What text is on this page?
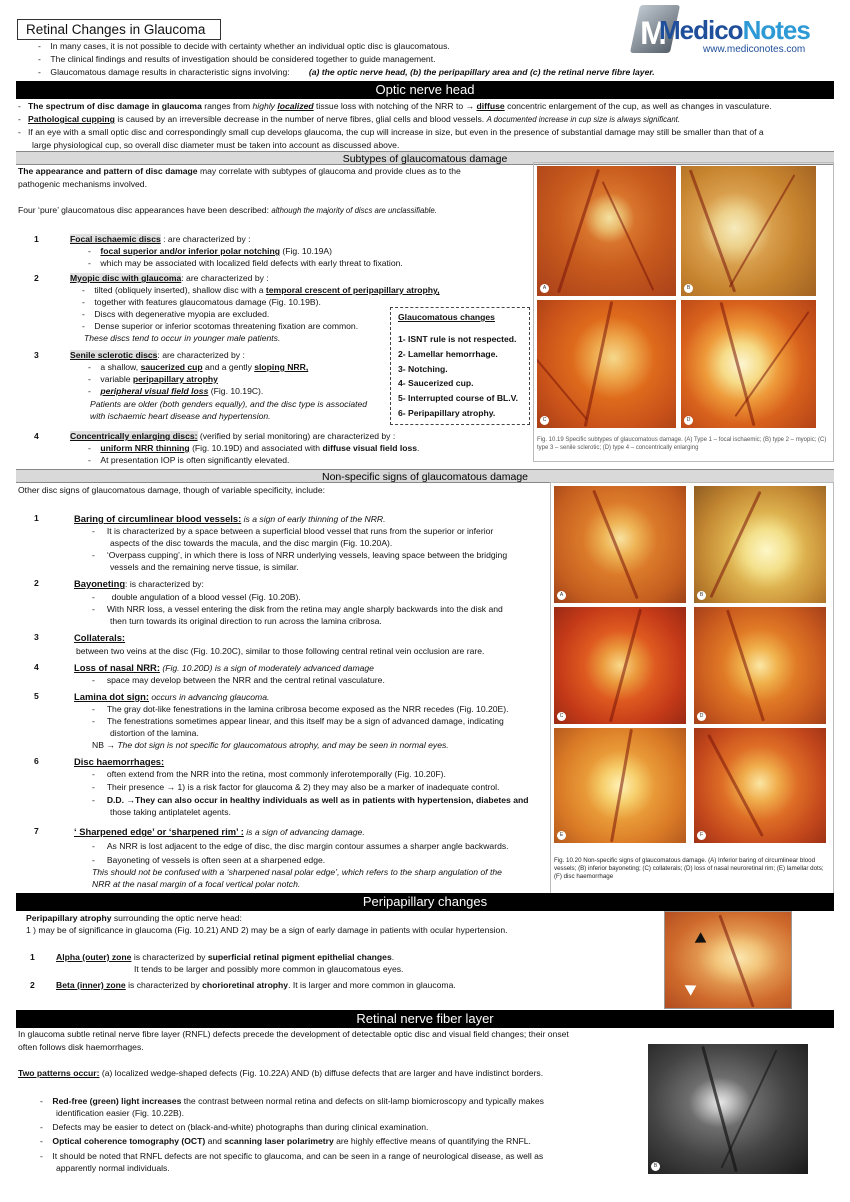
Retinal Changes in Glaucoma	M
MedicoNotes
www.mediconotes.com
-    In many cases, it is not possible to decide with certainty whether an individual optic disc is glaucomatous.
-    The clinical findings and results of investigation should be considered together to guide management.
-    Glaucomatous damage results in characteristic signs involving: (a) the optic nerve head, (b) the peripapillary area and (c) the retinal nerve fibre layer.
Optic nerve head
-   The spectrum of disc damage in glaucoma ranges from highly localized tissue loss with notching of the NRR to → diffuse concentric enlargement of the cup, as well as changes in vasculature.
-   Pathological cupping is caused by an irreversible decrease in the number of nerve fibres, glial cells and blood vessels. A documented increase in cup size is always significant.
-   If an eye with a small optic disc and correspondingly small cup develops glaucoma, the cup will increase in size, but even in the presence of substantial damage may still be smaller than that of a
large physiological cup, so overall disc diameter must be taken into account as discussed above.
Subtypes of glaucomatous damage
The appearance and pattern of disc damage may correlate with subtypes of glaucoma and provide clues as to the
pathogenic mechanisms involved.
Four ‘pure’ glaucomatous disc appearances have been described: although the majority of discs are unclassifiable.
1	Focal ischaemic discs : are characterized by :
-    focal superior and/or inferior polar notching (Fig. 10.19A)
-    which may be associated with localized field defects with early threat to fixation.
2	Myopic disc with glaucoma: are characterized by :
-    tilted (obliquely inserted), shallow disc with a temporal crescent of peripapillary atrophy,
-    together with features glaucomatous damage (Fig. 10.19B).
-    Discs with degenerative myopia are excluded.
-    Dense superior or inferior scotomas threatening fixation are common.
These discs tend to occur in younger male patients.
3	Senile sclerotic discs: are characterized by :
-    a shallow, saucerized cup and a gently sloping NRR,
-    variable peripapillary atrophy
-    peripheral visual field loss (Fig. 10.19C).
Patients are older (both genders equally), and the disc type is associated
with ischaemic heart disease and hypertension.
4	Concentrically enlarging discs: (verified by serial monitoring) are characterized by :
-    uniform NRR thinning (Fig. 10.19D) and associated with diffuse visual field loss.
-    At presentation IOP is often significantly elevated.
Glaucomatous changes
1- ISNT rule is not respected.
2- Lamellar hemorrhage.
3- Notching.
4- Saucerized cup.
5- Interrupted course of BL.V.
6- Peripapillary atrophy.
A	B
C	D
Fig. 10.19 Specific subtypes of glaucomatous damage. (A) Type 1 – focal ischaemic; (B) type 2 – myopic; (C) type 3 – senile sclerotic; (D) type 4 – concentrically enlarging
Non-specific signs of glaucomatous damage
Other disc signs of glaucomatous damage, though of variable specificity, include:
1	Baring of circumlinear blood vessels: is a sign of early thinning of the NRR.
-     It is characterized by a space between a superficial blood vessel that runs from the superior or inferior
aspects of the disc towards the macula, and the disc margin (Fig. 10.20A).
-     ‘Overpass cupping’, in which there is loss of NRR underlying vessels, leaving space between the bridging
vessels and the remaining nerve tissue, is similar.
2	Bayoneting: is characterized by:
-       double angulation of a blood vessel (Fig. 10.20B).
-     With NRR loss, a vessel entering the disk from the retina may angle sharply backwards into the disk and
then turn towards its original direction to run across the lamina cribrosa.
3	Collaterals:
between two veins at the disc (Fig. 10.20C), similar to those following central retinal vein occlusion are rare.
4	Loss of nasal NRR: (Fig. 10.20D) is a sign of moderately advanced damage
-     space may develop between the NRR and the central retinal vasculature.
5	Lamina dot sign: occurs in advancing glaucoma.
-     The gray dot-like fenestrations in the lamina cribrosa become exposed as the NRR recedes (Fig. 10.20E).
-     The fenestrations sometimes appear linear, and this itself may be a sign of advanced damage, indicating
distortion of the lamina.
NB → The dot sign is not specific for glaucomatous atrophy, and may be seen in normal eyes.
6	Disc haemorrhages:
-     often extend from the NRR into the retina, most commonly inferotemporally (Fig. 10.20F).
-     Their presence → 1) is a risk factor for glaucoma & 2) they may also be a marker of inadequate control.
-     D.D. →They can also occur in healthy individuals as well as in patients with hypertension, diabetes and
those taking antiplatelet agents.
7	‘ Sharpened edge’ or ‘sharpened rim’ : is a sign of advancing damage.
-     As NRR is lost adjacent to the edge of disc, the disc margin contour assumes a sharper angle backwards.
-     Bayoneting of vessels is often seen at a sharpened edge.
This should not be confused with a ‘sharpened nasal polar edge’, which refers to the sharp angulation of the
NRR at the nasal margin of a focal vertical polar notch.
A	B
C	D
E	F
Fig. 10.20 Non-specific signs of glaucomatous damage. (A) Inferior baring of circumlinear blood vessels; (B) inferior bayoneting; (C) collaterals; (D) loss of nasal neuroretinal rim; (E) lamellar dots; (F) disc haemorrhage
Peripapillary changes
Peripapillary atrophy surrounding the optic nerve head:
1 ) may be of significance in glaucoma (Fig. 10.21) AND 2) may be a sign of early damage in patients with ocular hypertension.
1 Alpha (outer) zone is characterized by superficial retinal pigment epithelial changes.
It tends to be larger and possibly more common in glaucomatous eyes.
2 Beta (inner) zone is characterized by chorioretinal atrophy. It is larger and more common in glaucoma.
Retinal nerve fiber layer
In glaucoma subtle retinal nerve fibre layer (RNFL) defects precede the development of detectable optic disc and visual field changes; their onset
often follows disk haemorrhages.
Two patterns occur: (a) localized wedge-shaped defects (Fig. 10.22A) AND (b) diffuse defects that are larger and have indistinct borders.
-    Red-free (green) light increases the contrast between normal retina and defects on slit-lamp biomicroscopy and typically makes
identification easier (Fig. 10.22B).
-    Defects may be easier to detect on (black-and-white) photographs than during clinical examination.
-    Optical coherence tomography (OCT) and scanning laser polarimetry are highly effective means of quantifying the RNFL.
-    It should be noted that RNFL defects are not specific to glaucoma, and can be seen in a range of neurological disease, as well as
apparently normal individuals.	B
